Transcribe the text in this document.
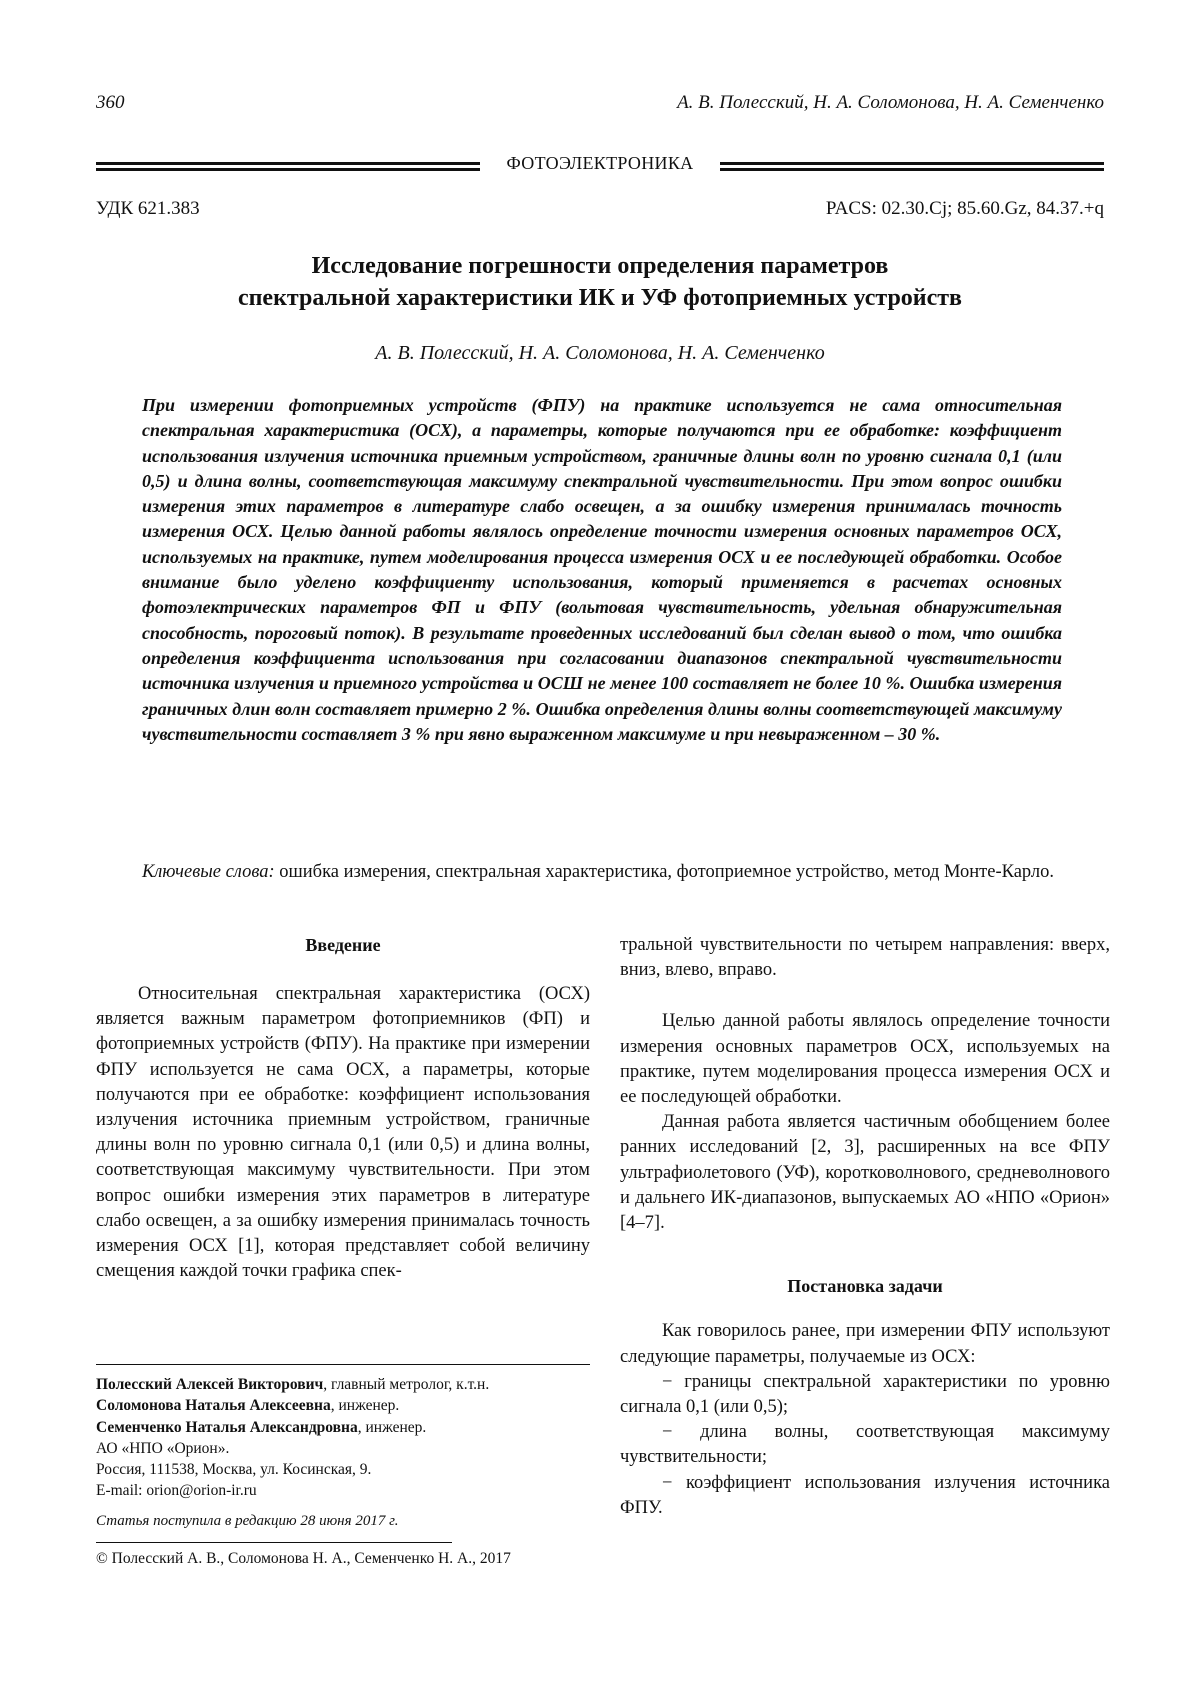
360	А. В. Полесский, Н. А. Соломонова, Н. А. Семенченко
ФОТОЭЛЕКТРОНИКА
УДК 621.383	PACS: 02.30.Cj; 85.60.Gz, 84.37.+q
Исследование погрешности определения параметров
спектральной характеристики ИК и УФ фотоприемных устройств
А. В. Полесский, Н. А. Соломонова, Н. А. Семенченко

При измерении фотоприемных устройств (ФПУ) на практике используется не сама относительная спектральная характеристика (ОСХ), а параметры, которые получаются при ее обработке: коэффициент использования излучения источника приемным устройством, граничные длины волн по уровню сигнала 0,1 (или 0,5) и длина волны, соответствующая максимуму спектральной чувствительности. При этом вопрос ошибки измерения этих параметров в литературе слабо освещен, а за ошибку измерения принималась точность измерения ОСХ. Целью данной работы являлось определение точности измерения основных параметров ОСХ, используемых на практике, путем моделирования процесса измерения ОСХ и ее последующей обработки. Особое внимание было уделено коэффициенту использования, который применяется в расчетах основных фотоэлектрических параметров ФП и ФПУ (вольтовая чувствительность, удельная обнаружительная способность, пороговый поток). В результате проведенных исследований был сделан вывод о том, что ошибка определения коэффициента использования при согласовании диапазонов спектральной чувствительности источника излучения и приемного устройства и ОСШ не менее 100 составляет не более 10 %. Ошибка измерения граничных длин волн составляет примерно 2 %. Ошибка определения длины волны соответствующей максимуму чувствительности составляет 3 % при явно выраженном максимуме и при невыраженном – 30 %.

Ключевые слова: ошибка измерения, спектральная характеристика, фотоприемное устройство, метод Монте-Карло.
Введение

Относительная спектральная характеристика (ОСХ) является важным параметром фотоприемников (ФП) и фотоприемных устройств (ФПУ). На практике при измерении ФПУ используется не сама ОСХ, а параметры, которые получаются при ее обработке: коэффициент использования излучения источника приемным устройством, граничные длины волн по уровню сигнала 0,1 (или 0,5) и длина волны, соответствующая максимуму чувствительности. При этом вопрос ошибки измерения этих параметров в литературе слабо освещен, а за ошибку измерения принималась точность измерения ОСХ [1], которая представляет собой величину смещения каждой точки графика спек-

тральной чувствительности по четырем направления: вверх, вниз, влево, вправо.

Целью данной работы являлось определение точности измерения основных параметров ОСХ, используемых на практике, путем моделирования процесса измерения ОСХ и ее последующей обработки.

Данная работа является частичным обобщением более ранних исследований [2, 3], расширенных на все ФПУ ультрафиолетового (УФ), коротковолнового, средневолнового и дальнего ИК-диапазонов, выпускаемых АО «НПО «Орион» [4–7].

Постановка задачи

Как говорилось ранее, при измерении ФПУ используют следующие параметры, получаемые из ОСХ:

− границы спектральной характеристики по уровню сигнала 0,1 (или 0,5);

− длина волны, соответствующая максимуму чувствительности;

− коэффициент использования излучения источника ФПУ.

Полесский Алексей Викторович, главный метролог, к.т.н.

Соломонова Наталья Алексеевна, инженер.

Семенченко Наталья Александровна, инженер.

АО «НПО «Орион».

Россия, 111538, Москва, ул. Косинская, 9.

E-mail: orion@orion-ir.ru

Статья поступила в редакцию 28 июня 2017 г.
© Полесский А. В., Соломонова Н. А., Семенченко Н. А., 2017
